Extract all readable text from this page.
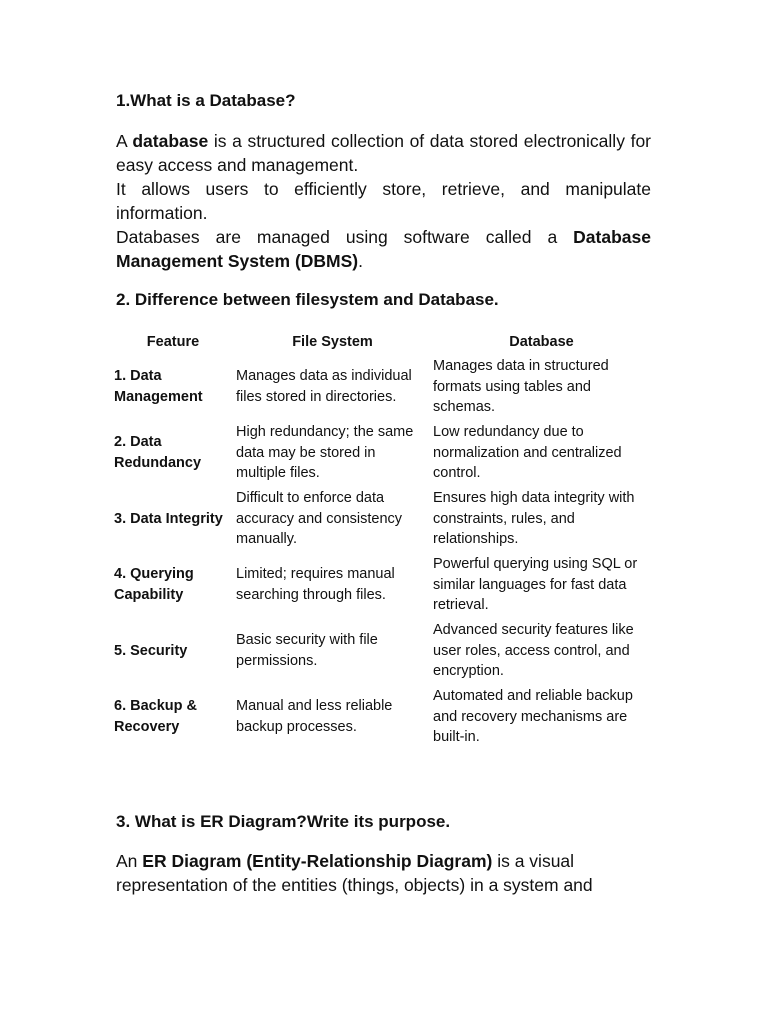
1.What is a Database?

A database is a structured collection of data stored electronically for easy access and management.

It allows users to efficiently store, retrieve, and manipulate information.

Databases are managed using software called a Database Management System (DBMS).

2. Difference between filesystem and Database.
Feature	File System	Database
1. Data Management	Manages data as individual files stored in directories.	Manages data in structured formats using tables and schemas.
2. Data Redundancy	High redundancy; the same data may be stored in multiple files.	Low redundancy due to normalization and centralized control.
3. Data Integrity	Difficult to enforce data accuracy and consistency manually.	Ensures high data integrity with constraints, rules, and relationships.
4. Querying Capability	Limited; requires manual searching through files.	Powerful querying using SQL or similar languages for fast data retrieval.
5. Security	Basic security with file permissions.	Advanced security features like user roles, access control, and encryption.
6. Backup & Recovery	Manual and less reliable backup processes.	Automated and reliable backup and recovery mechanisms are built-in.
3. What is ER Diagram?Write its purpose.

An ER Diagram (Entity-Relationship Diagram) is a visual representation of the entities (things, objects) in a system and
